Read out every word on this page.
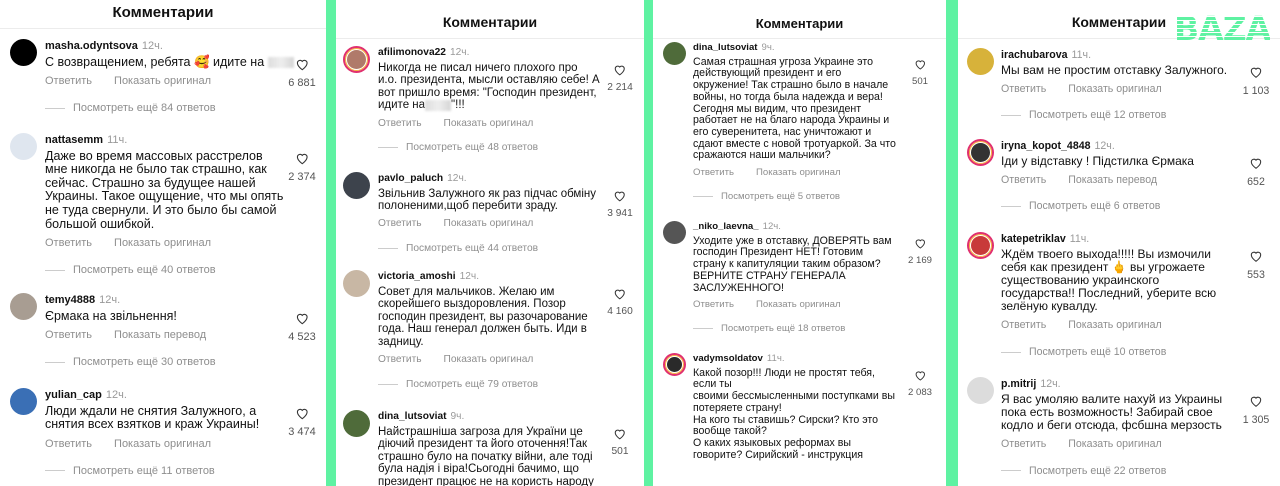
Комментарии
masha.odyntsova 12ч.
С возвращением, ребята 🥰 идите на
Ответить Показать оригинал
Посмотреть ещё 84 ответов
6 881
nattasemm 11ч.
Даже во время массовых расстрелов
мне никогда не было так страшно, как
сейчас. Страшно за будущее нашей
Украины. Такое ощущение, что мы опять
не туда свернули. И это было бы самой
большой ошибкой.
Ответить Показать оригинал
Посмотреть ещё 40 ответов
2 374
temy4888 12ч.
Єрмака на звільнення!
Ответить Показать перевод
Посмотреть ещё 30 ответов
4 523
yulian_cap 12ч.
Люди ждали не снятия Залужного, а
снятия всех взятков и краж Украины!
Ответить Показать оригинал
Посмотреть ещё 11 ответов
3 474
Комментарии
afilimonova22 12ч.
Никогда не писал ничего плохого про
и.о. президента, мысли оставляю себе! А
вот пришло время: "Господин президент,
идите на "!!!
Ответить Показать оригинал
Посмотреть ещё 48 ответов
2 214
pavlo_paluch 12ч.
Звільнив Залужного як раз підчас обміну
полоненими,щоб перебити зраду.
Ответить Показать оригинал
Посмотреть ещё 44 ответов
3 941
victoria_amoshi 12ч.
Совет для мальчиков. Желаю им
скорейшего выздоровления. Позор
господин президент, вы разочарование
года. Наш генерал должен быть. Иди в
задницу.
Ответить Показать оригинал
Посмотреть ещё 79 ответов
4 160
dina_lutsoviat 9ч.
Найстрашніша загроза для України це
діючий президент та його оточення!Так
страшно було на початку війни, але тоді
була надія і віра!Сьогодні бачимо, що
президент працює не на користь народу
501
Комментарии
dina_lutsoviat 9ч.
Самая страшная угроза Украине это
действующий президент и его
окружение! Так страшно было в начале
войны, но тогда была надежда и вера!
Сегодня мы видим, что президент
работает не на благо народа Украины и
его суверенитета, нас уничтожают и
сдают вместе с новой тротуаркой. За что
сражаются наши мальчики?
Ответить Показать оригинал
Посмотреть ещё 5 ответов
501
_niko_laevna_ 12ч.
Уходите уже в отставку, ДОВЕРЯТЬ вам
господин Президент НЕТ! Готовим
страну к капитуляции таким образом?
ВЕРНИТЕ СТРАНУ ГЕНЕРАЛА
ЗАСЛУЖЕННОГО!
Ответить Показать оригинал
Посмотреть ещё 18 ответов
2 169
vadymsoldatov 11ч.
Какой позор!!! Люди не простят тебя,
если ты
своими бессмысленными поступками вы
потеряете страну!
На кого ты ставишь? Сирски? Кто это
вообще такой?
О каких языковых реформах вы
говорите? Сирийский - инструкция
2 083
Комментарии
irachubarova 11ч.
Мы вам не простим отставку Залужного.
Ответить Показать оригинал
Посмотреть ещё 12 ответов
1 103
iryna_kopot_4848 12ч.
Іди у відставку ! Підстилка Єрмака
Ответить Показать перевод
Посмотреть ещё 6 ответов
652
katepetriklav 11ч.
Ждём твоего выхода!!!!! Вы измочили
себя как президент 🖕 вы угрожаете
существованию украинского
государства!! Последний, уберите всю
зелёную кувалду.
Ответить Показать оригинал
Посмотреть ещё 10 ответов
553
p.mitrij 12ч.
Я вас умоляю валите нахуй из Украины
пока есть возможность! Забирай свое
кодло и беги отсюда, фсбшна мерзость
Ответить Показать оригинал
Посмотреть ещё 22 ответов
1 305
BAZA
